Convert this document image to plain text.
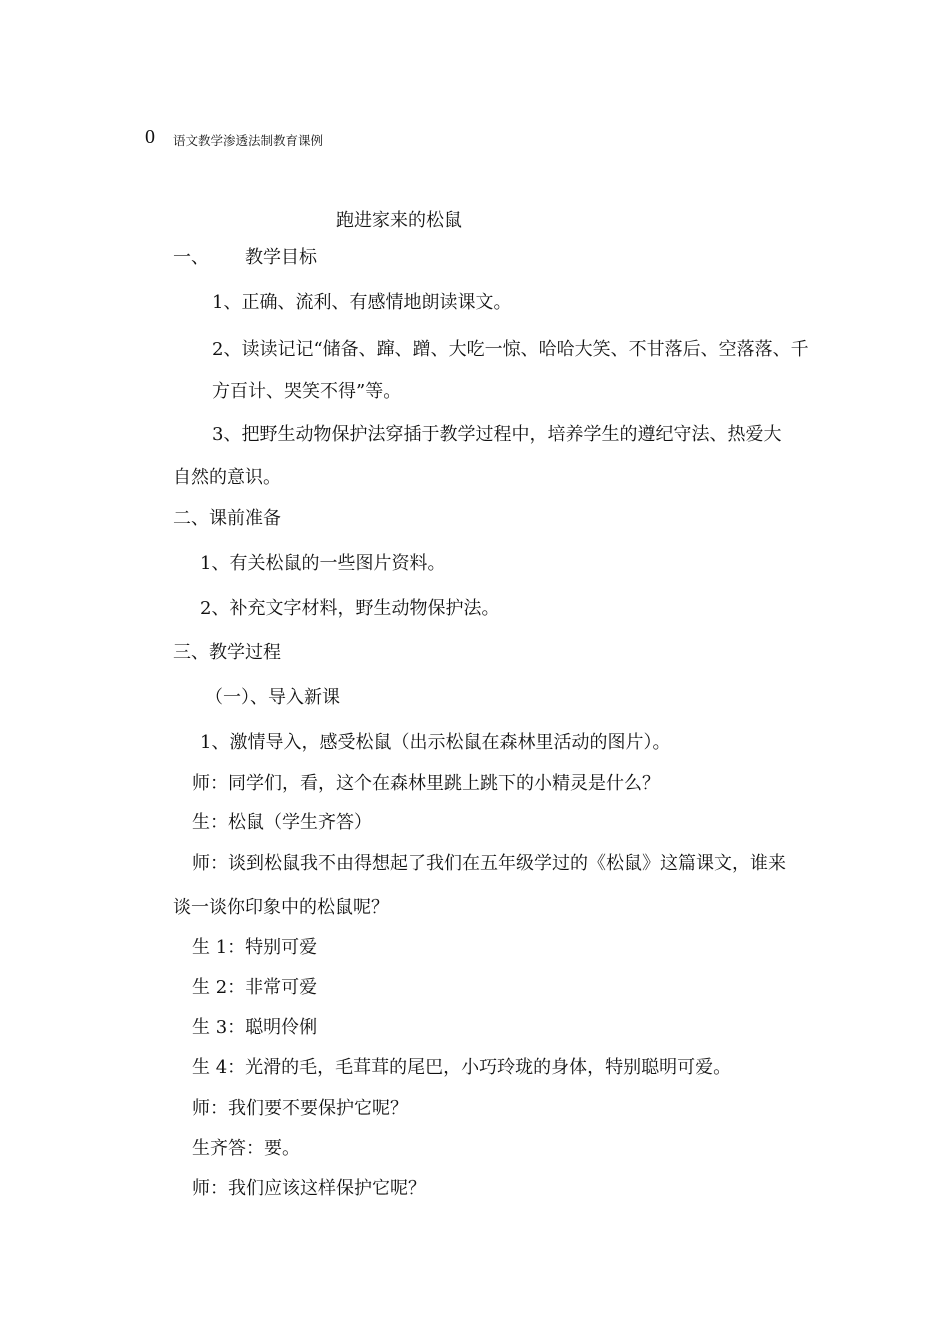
0 语文教学渗透法制教育课例
跑进家来的松鼠
一、 教学目标
1、正确、流利、有感情地朗读课文。
2、读读记记“储备、蹿、蹭、大吃一惊、哈哈大笑、不甘落后、空落落、千
方百计、哭笑不得”等。
3、把野生动物保护法穿插于教学过程中，培养学生的遵纪守法、热爱大
自然的意识。
二、课前准备
1、有关松鼠的一些图片资料。
2、补充文字材料，野生动物保护法。
三、教学过程
（一）、导入新课
1、激情导入，感受松鼠（出示松鼠在森林里活动的图片）。
师：同学们，看，这个在森林里跳上跳下的小精灵是什么？
生：松鼠（学生齐答）
师：谈到松鼠我不由得想起了我们在五年级学过的《松鼠》这篇课文，谁来
谈一谈你印象中的松鼠呢？
生 1：特别可爱
生 2：非常可爱
生 3：聪明伶俐
生 4：光滑的毛，毛茸茸的尾巴，小巧玲珑的身体，特别聪明可爱。
师：我们要不要保护它呢？
生齐答：要。
师：我们应该这样保护它呢？
